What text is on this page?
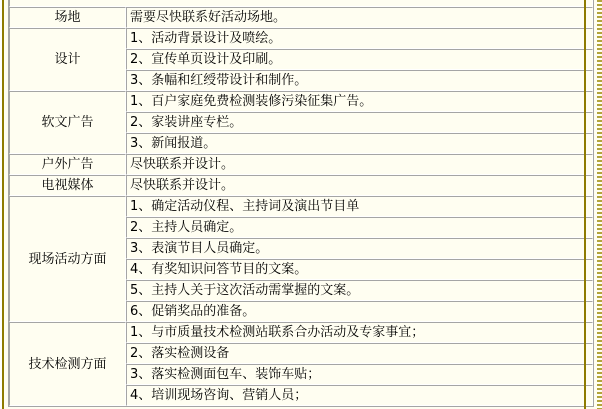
场地	需要尽快联系好活动场地。
设计	1、活动背景设计及喷绘。
	2、宣传单页设计及印刷。
	3、条幅和红绶带设计和制作。
软文广告	1、百户家庭免费检测装修污染征集广告。
	2、家装讲座专栏。
	3、新闻报道。
户外广告	尽快联系并设计。
电视媒体	尽快联系并设计。
现场活动方面	1、确定活动仪程、主持词及演出节目单
	2、主持人员确定。
	3、表演节目人员确定。
	4、有奖知识问答节目的文案。
	5、主持人关于这次活动需掌握的文案。
	6、促销奖品的准备。
技术检测方面	1、与市质量技术检测站联系合办活动及专家事宜；
	2、落实检测设备
	3、落实检测面包车、装饰车贴；
	4、培训现场咨询、营销人员；
